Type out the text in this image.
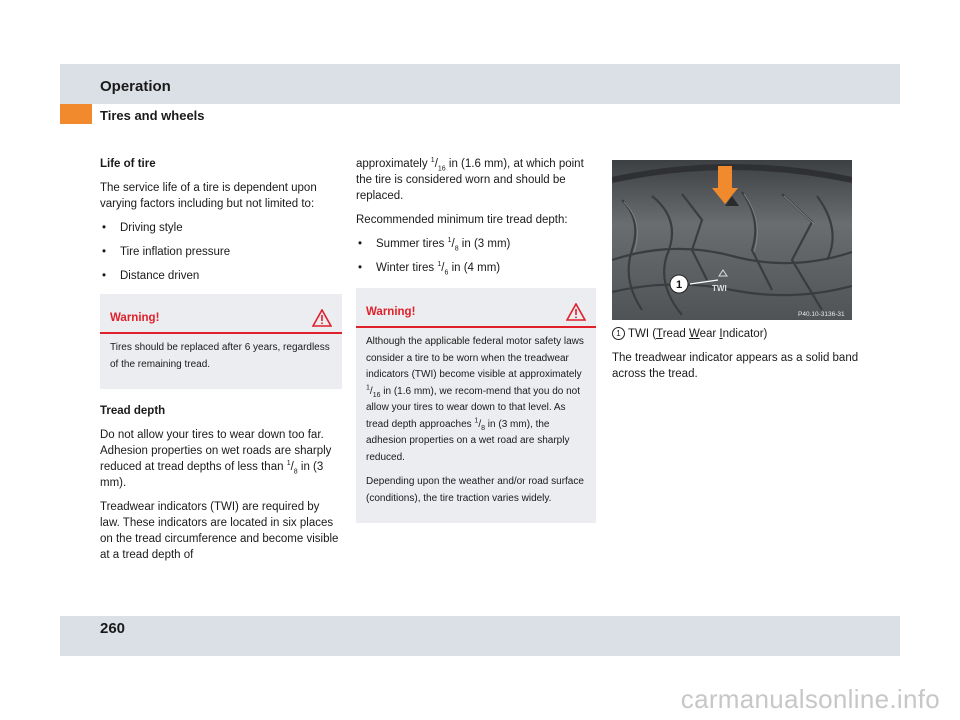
Operation
Tires and wheels
Life of tire

The service life of a tire is dependent upon varying factors including but not limited to:

• Driving style
• Tire inflation pressure
• Distance driven
Warning!

Tires should be replaced after 6 years, regardless of the remaining tread.

Tread depth

Do not allow your tires to wear down too far. Adhesion properties on wet roads are sharply reduced at tread depths of less than $^1/_8$ in (3 mm).

Treadwear indicators (TWI) are required by law. These indicators are located in six places on the tread circumference and become visible at a tread depth of

approximately $^1/_{16}$ in (1.6 mm), at which point the tire is considered worn and should be replaced.

Recommended minimum tire tread depth:

• Summer tires $^1/_8$ in (3 mm)
• Winter tires $^1/_6$ in (4 mm)
Warning!

Although the applicable federal motor safety laws consider a tire to be worn when the treadwear indicators (TWI) become visible at approximately $^1/_{16}$ in (1.6 mm), we recom-mend that you do not allow your tires to wear down to that level. As tread depth approaches $^1/_8$ in (3 mm), the adhesion properties on a wet road are sharply reduced.

Depending upon the weather and/or road surface (conditions), the tire traction varies widely.

1	TWI
P40.10-3136-31

1 TWI (Tread Wear Indicator)

The treadwear indicator appears as a solid band across the tread.

260
carmanualsonline.info
